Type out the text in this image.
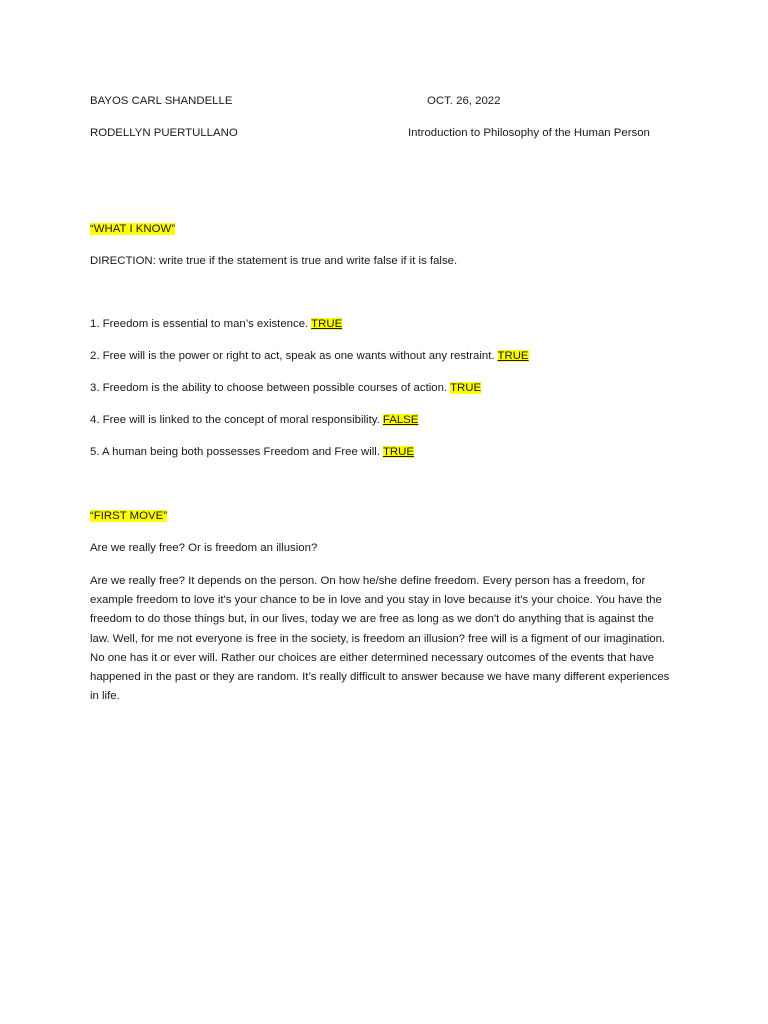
BAYOS CARL SHANDELLE	OCT. 26, 2022
RODELLYN PUERTULLANO	Introduction to Philosophy of the Human Person
“WHAT I KNOW”
DIRECTION: write true if the statement is true and write false if it is false.
1. Freedom is essential to man’s existence. TRUE
2. Free will is the power or right to act, speak as one wants without any restraint. TRUE
3. Freedom is the ability to choose between possible courses of action. TRUE
4. Free will is linked to the concept of moral responsibility. FALSE
5. A human being both possesses Freedom and Free will. TRUE
“FIRST MOVE”
Are we really free? Or is freedom an illusion?
Are we really free? It depends on the person. On how he/she define freedom. Every person has a freedom, for example freedom to love it's your chance to be in love and you stay in love because it’s your choice. You have the freedom to do those things but, in our lives, today we are free as long as we don't do anything that is against the law. Well, for me not everyone is free in the society, is freedom an illusion? free will is a figment of our imagination. No one has it or ever will. Rather our choices are either determined necessary outcomes of the events that have happened in the past or they are random. It’s really difficult to answer because we have many different experiences in life.
